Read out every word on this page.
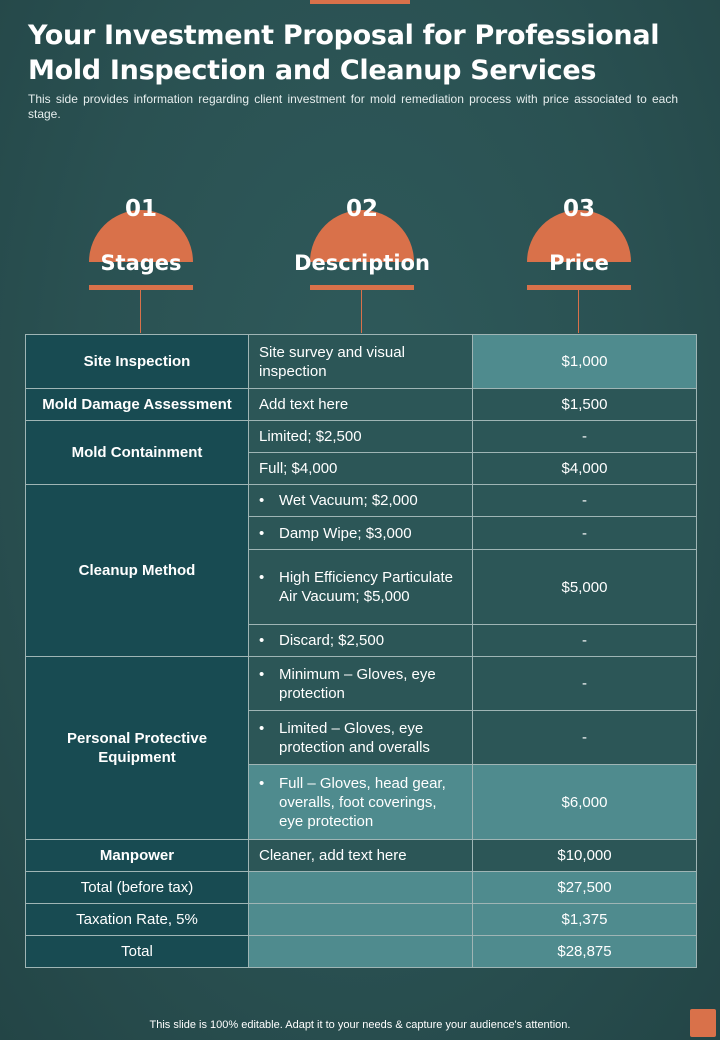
Your Investment Proposal for Professional Mold Inspection and Cleanup Services
This side provides information regarding client investment for mold remediation process with price associated to each stage.
01
Stages
02
Description
03
Price
Site Inspection	Site survey and visual inspection	$1,000
Mold Damage Assessment	Add text here	$1,500
Mold Containment	Limited; $2,500	-
	Full; $4,000	$4,000
Cleanup Method	• Wet Vacuum; $2,000	-

	• Damp Wipe; $3,000	-

	• High Efficiency Particulate Air Vacuum; $5,000	$5,000

	• Discard; $2,500	-
Personal Protective Equipment	• Minimum – Gloves, eye protection	-

	• Limited – Gloves, eye protection and overalls	-

	• Full – Gloves, head gear, overalls, foot coverings, eye protection	$6,000
Manpower	Cleaner, add text here	$10,000
Total (before tax)		$27,500
Taxation Rate, 5%		$1,375
Total		$28,875
This slide is 100% editable. Adapt it to your needs & capture your audience's attention.
